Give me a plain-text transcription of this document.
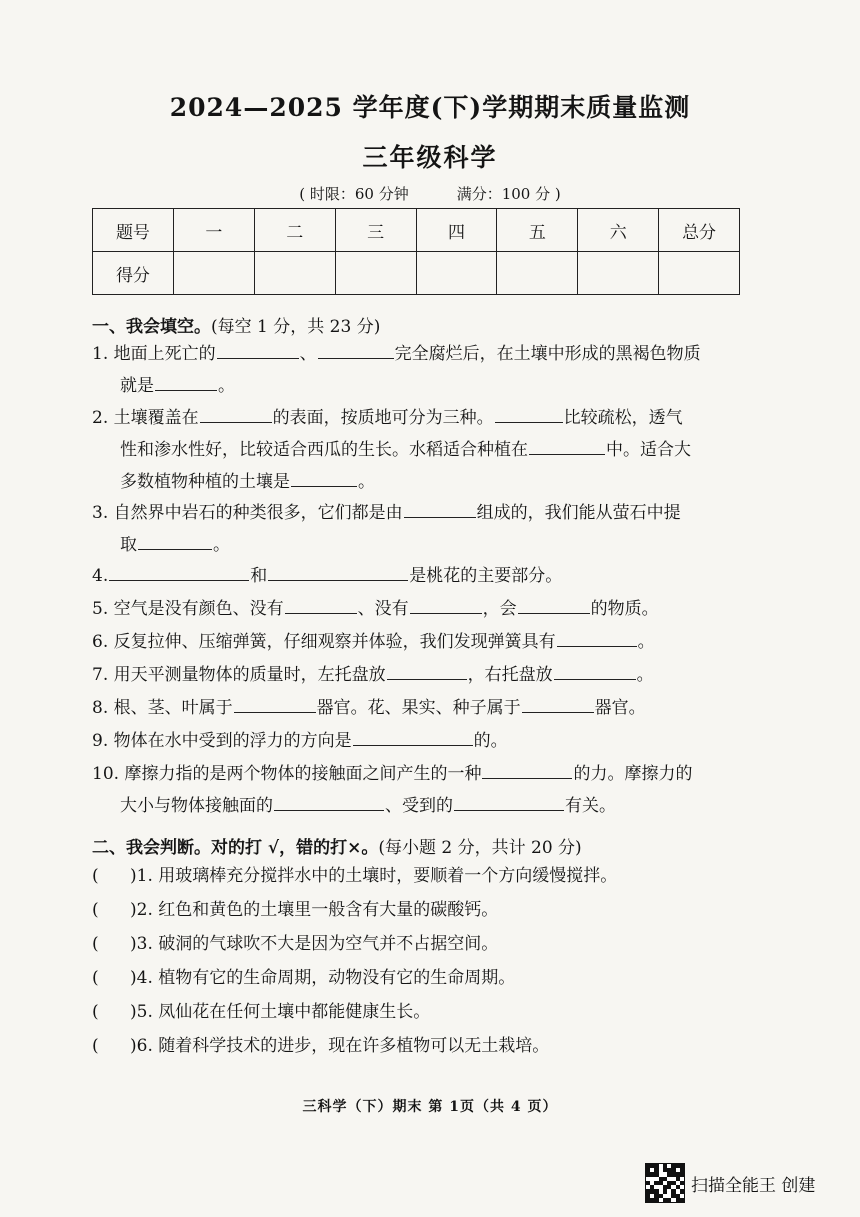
2024—2025 学年度(下)学期期末质量监测
三年级科学
( 时限：60 分钟	满分：100 分 )
题号	一	二	三	四	五	六	总分
得分							
一、我会填空。(每空 1 分，共 23 分)
1. 地面上死亡的	、	完全腐烂后，在土壤中形成的黑褐色物质
就是	。
2. 土壤覆盖在	的表面，按质地可分为三种。	比较疏松，透气
性和渗水性好，比较适合西瓜的生长。水稻适合种植在	中。适合大
多数植物种植的土壤是	。
3. 自然界中岩石的种类很多，它们都是由	组成的，我们能从萤石中提
取	。
4.	和	是桃花的主要部分。
5. 空气是没有颜色、没有	、没有	，会	的物质。
6. 反复拉伸、压缩弹簧，仔细观察并体验，我们发现弹簧具有	。
7. 用天平测量物体的质量时，左托盘放	，右托盘放	。
8. 根、茎、叶属于	器官。花、果实、种子属于	器官。
9. 物体在水中受到的浮力的方向是	的。
10. 摩擦力指的是两个物体的接触面之间产生的一种	的力。摩擦力的
大小与物体接触面的	、受到的	有关。
二、我会判断。对的打 √，错的打×。(每小题 2 分，共计 20 分)
( )1. 用玻璃棒充分搅拌水中的土壤时，要顺着一个方向缓慢搅拌。
( )2. 红色和黄色的土壤里一般含有大量的碳酸钙。
( )3. 破洞的气球吹不大是因为空气并不占据空间。
( )4. 植物有它的生命周期，动物没有它的生命周期。
( )5. 凤仙花在任何土壤中都能健康生长。
( )6. 随着科学技术的进步，现在许多植物可以无土栽培。
三科学（下）期末 第 1页（共 4 页）
扫描全能王 创建
